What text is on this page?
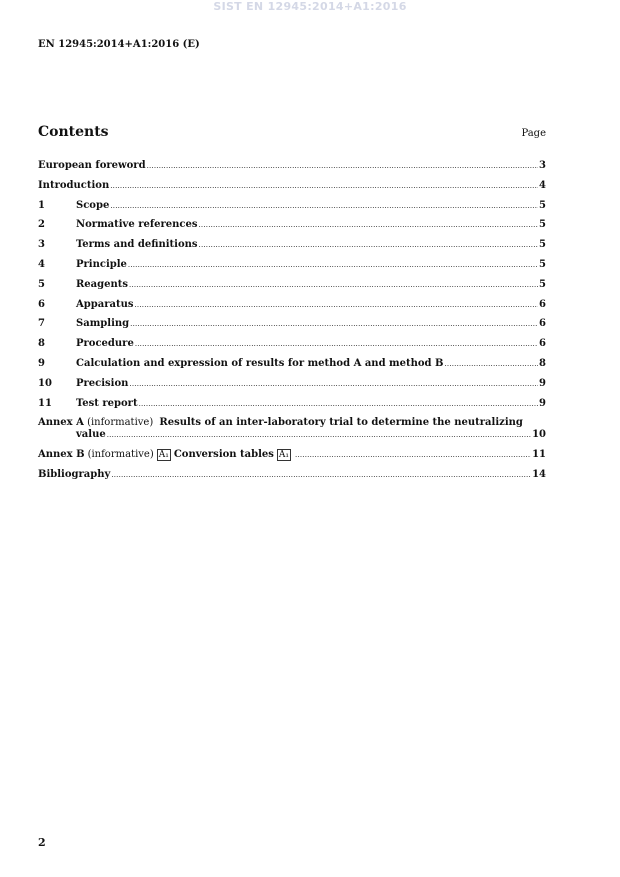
SIST EN 12945:2014+A1:2016
EN 12945:2014+A1:2016 (E)
Contents	Page
European foreword .....	3
Introduction .....	4
1	Scope .....	5
2	Normative references .....	5
3	Terms and definitions .....	5
4	Principle .....	5
5	Reagents .....	5
6	Apparatus .....	6
7	Sampling .....	6
8	Procedure .....	6
9	Calculation and expression of results for method A and method B .....	8
10	Precision .....	9
11	Test report .....	9
Annex A (informative) Results of an inter-laboratory trial to determine the neutralizing
value .....	10
Annex B (informative) A₁ Conversion tables A₁ .....	11
Bibliography .....	14
2
